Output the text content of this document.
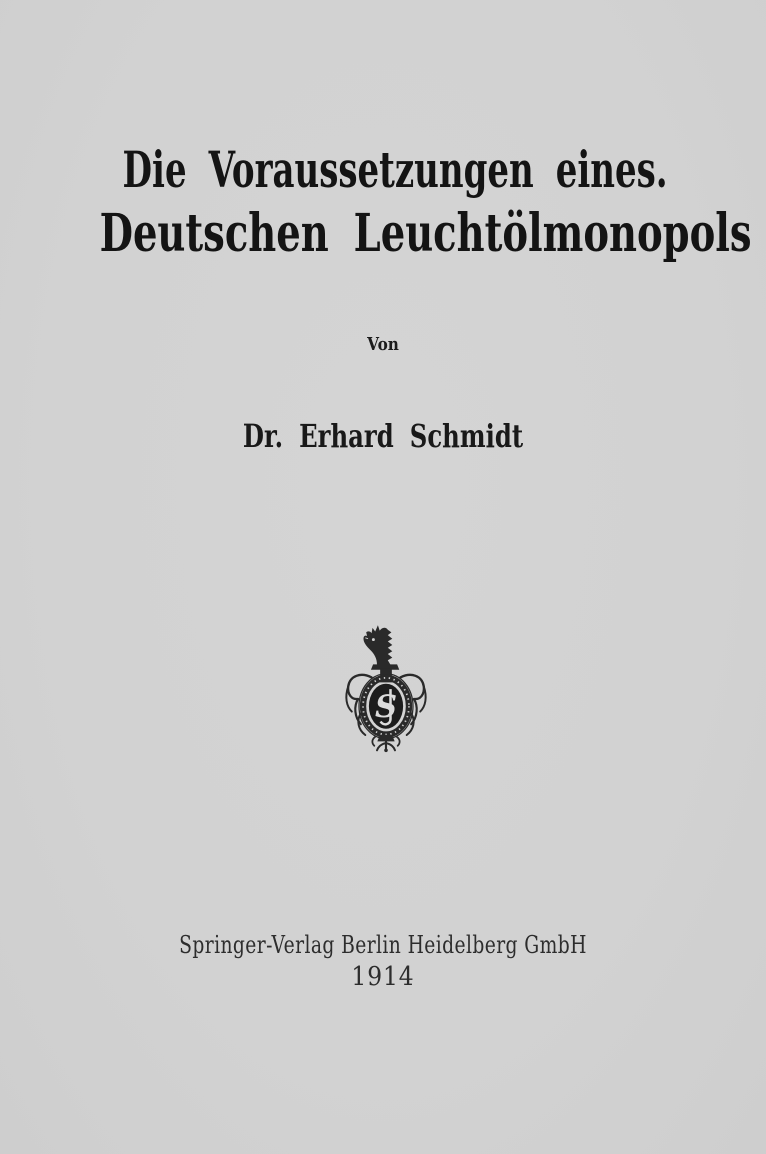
Die Voraussetzungen eines.
Deutschen Leuchtölmonopols
Von
Dr. Erhard Schmidt
S
Springer-Verlag Berlin Heidelberg GmbH
1914
